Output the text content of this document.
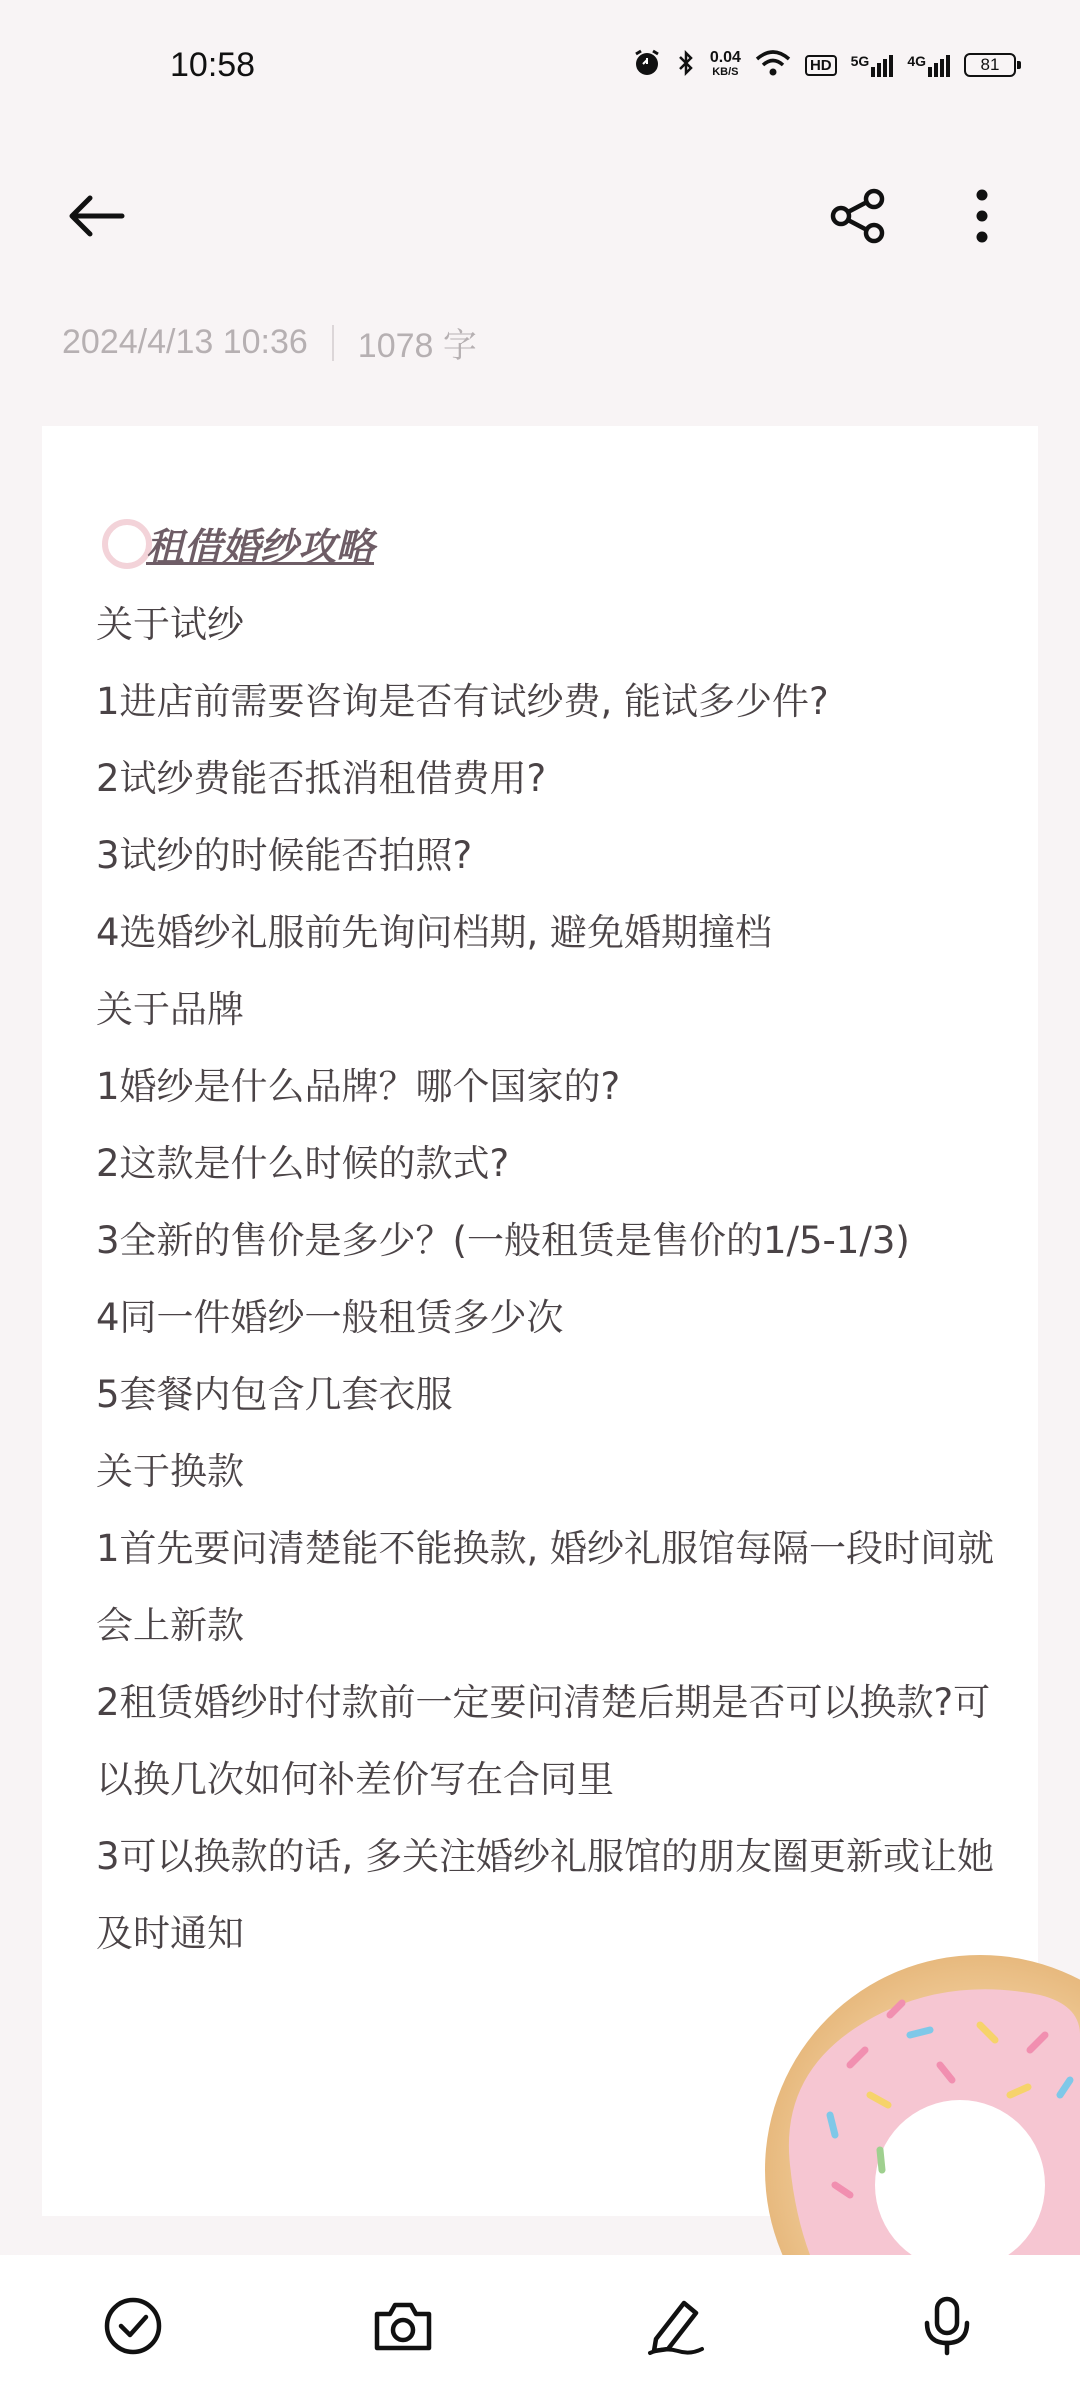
10:58	0.04
KB/S	HD	5G	4G	81
2024/4/13 10:36 1078 字
租借婚纱攻略
关于试纱
1进店前需要咨询是否有试纱费, 能试多少件?
2试纱费能否抵消租借费用?
3试纱的时候能否拍照?
4选婚纱礼服前先询问档期, 避免婚期撞档
关于品牌
1婚纱是什么品牌？哪个国家的?
2这款是什么时候的款式?
3全新的售价是多少？(一般租赁是售价的1/5-1/3)
4同一件婚纱一般租赁多少次
5套餐内包含几套衣服
关于换款
1首先要问清楚能不能换款, 婚纱礼服馆每隔一段时间就会上新款
2租赁婚纱时付款前一定要问清楚后期是否可以换款?可以换几次如何补差价写在合同里
3可以换款的话, 多关注婚纱礼服馆的朋友圈更新或让她及时通知
